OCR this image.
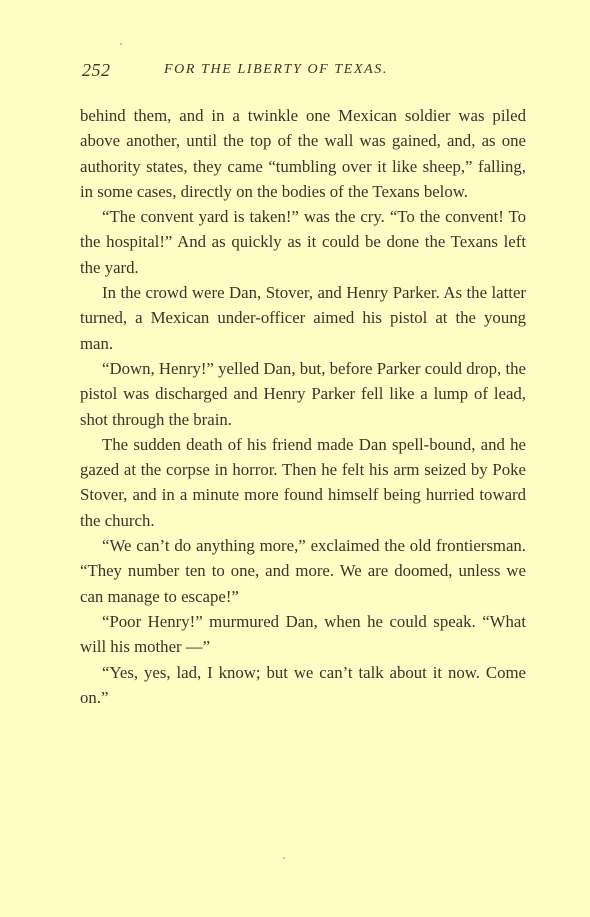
252	FOR THE LIBERTY OF TEXAS.

behind them, and in a twinkle one Mexican soldier was piled above another, until the top of the wall was gained, and, as one authority states, they came “tumbling over it like sheep,” falling, in some cases, directly on the bodies of the Texans below.

“The convent yard is taken!” was the cry. “To the convent! To the hospital!” And as quickly as it could be done the Texans left the yard.

In the crowd were Dan, Stover, and Henry Parker. As the latter turned, a Mexican under-officer aimed his pistol at the young man.

“Down, Henry!” yelled Dan, but, before Parker could drop, the pistol was discharged and Henry Parker fell like a lump of lead, shot through the brain.

The sudden death of his friend made Dan spell-bound, and he gazed at the corpse in horror. Then he felt his arm seized by Poke Stover, and in a minute more found himself being hurried toward the church.

“We can’t do anything more,” exclaimed the old frontiersman. “They number ten to one, and more. We are doomed, unless we can manage to escape!”

“Poor Henry!” murmured Dan, when he could speak. “What will his mother —”

“Yes, yes, lad, I know; but we can’t talk about it now. Come on.”
